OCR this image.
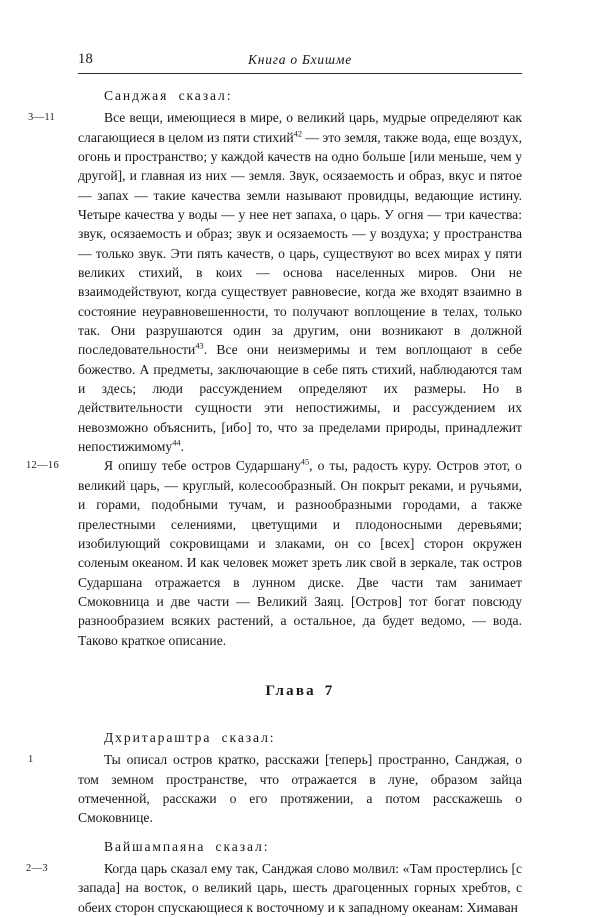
18	Книга о Бхишме

Санджая сказал:

3—11	Все вещи, имеющиеся в мире, о великий царь, мудрые определяют как слагающиеся в целом из пяти стихий$^{42}$ — это земля, также вода, еще воздух, огонь и пространство; у каждой качеств на одно больше [или меньше, чем у другой], и главная из них — земля. Звук, осязаемость и образ, вкус и пятое — запах — такие качества земли называют провидцы, ведающие истину. Четыре качества у воды — у нее нет запаха, о царь. У огня — три качества: звук, осязаемость и образ; звук и осязаемость — у воздуха; у пространства — только звук. Эти пять качеств, о царь, существуют во всех мирах у пяти великих стихий, в коих — основа населенных миров. Они не взаимодействуют, когда существует равновесие, когда же входят взаимно в состояние неуравновешенности, то получают воплощение в телах, только так. Они разрушаются один за другим, они возникают в должной последовательности$^{43}$. Все они неизмеримы и тем воплощают в себе божество. А предметы, заключающие в себе пять стихий, наблюдаются там и здесь; люди рассуждением определяют их размеры. Но в действительности сущности эти непостижимы, и рассуждением их невозможно объяснить, [ибо] то, что за пределами природы, принадлежит непостижимому$^{44}$.

12—16	Я опишу тебе остров Сударшану$^{45}$, о ты, радость куру. Остров этот, о великий царь, — круглый, колесообразный. Он покрыт реками, и ручьями, и горами, подобными тучам, и разнообразными городами, а также прелестными селениями, цветущими и плодоносными деревьями; изобилующий сокровищами и злаками, он со [всех] сторон окружен соленым океаном. И как человек может зреть лик свой в зеркале, так остров Сударшана отражается в лунном диске. Две части там занимает Смоковница и две части — Великий Заяц. [Остров] тот богат повсюду разнообразием всяких растений, а остальное, да будет ведомо, — вода. Таково краткое описание.

Глава 7

Дхритараштра сказал:

1	Ты описал остров кратко, расскажи [теперь] пространно, Санджая, о том земном пространстве, что отражается в луне, образом зайца отмеченной, расскажи о его протяжении, а потом расскажешь о Смоковнице.

Вайшампаяна сказал:

2—3	Когда царь сказал ему так, Санджая слово молвил: «Там простерлись [с запада] на восток, о великий царь, шесть драгоценных горных хребтов, с обеих сторон спускающиеся к восточному и к западному океанам: Химаван
